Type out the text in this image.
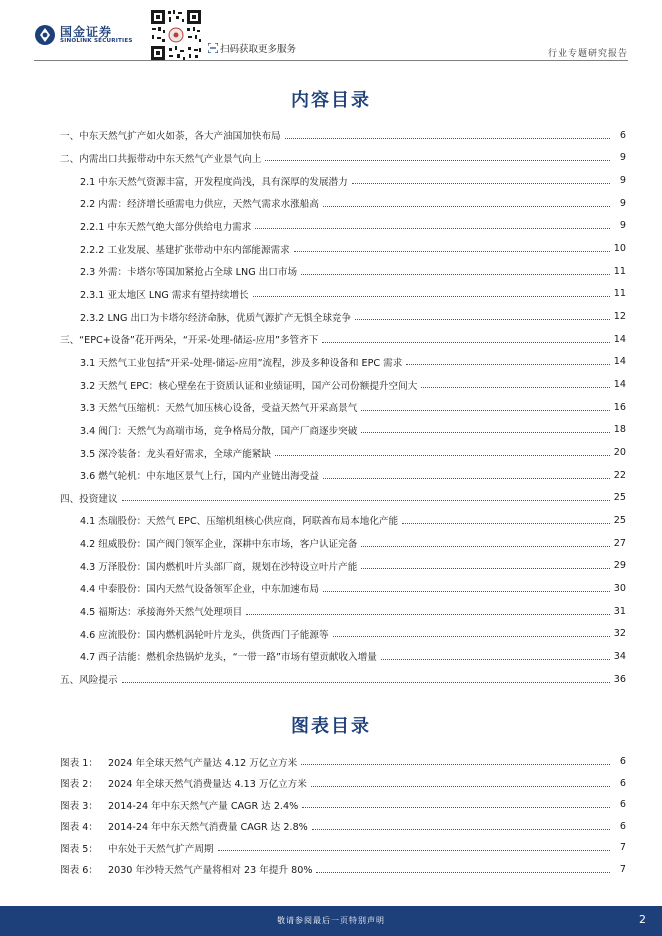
国金证券
SINOLINK SECURITIES
扫码获取更多服务	行业专题研究报告
内容目录
一、中东天然气扩产如火如荼，各大产油国加快布局	6
二、内需出口共振带动中东天然气产业景气向上	9
2.1 中东天然气资源丰富，开发程度尚浅，具有深厚的发展潜力	9
2.2 内需：经济增长亟需电力供应，天然气需求水涨船高	9
2.2.1 中东天然气绝大部分供给电力需求	9
2.2.2 工业发展、基建扩张带动中东内部能源需求	10
2.3 外需：卡塔尔等国加紧抢占全球 LNG 出口市场	11
2.3.1 亚太地区 LNG 需求有望持续增长	11
2.3.2 LNG 出口为卡塔尔经济命脉，优质气源扩产无惧全球竞争	12
三、“EPC+设备”花开两朵，“开采-处理-储运-应用”多管齐下	14
3.1 天然气工业包括“开采-处理-储运-应用”流程，涉及多种设备和 EPC 需求	14
3.2 天然气 EPC：核心壁垒在于资质认证和业绩证明，国产公司份额提升空间大	14
3.3 天然气压缩机：天然气加压核心设备，受益天然气开采高景气	16
3.4 阀门：天然气为高端市场，竞争格局分散，国产厂商逐步突破	18
3.5 深冷装备：龙头看好需求，全球产能紧缺	20
3.6 燃气轮机：中东地区景气上行，国内产业链出海受益	22
四、投资建议	25
4.1 杰瑞股份：天然气 EPC、压缩机组核心供应商，阿联酋布局本地化产能	25
4.2 纽威股份：国产阀门领军企业，深耕中东市场，客户认证完备	27
4.3 万泽股份：国内燃机叶片头部厂商，规划在沙特设立叶片产能	29
4.4 中泰股份：国内天然气设备领军企业，中东加速布局	30
4.5 福斯达：承接海外天然气处理项目	31
4.6 应流股份：国内燃机涡轮叶片龙头，供货西门子能源等	32
4.7 西子洁能：燃机余热锅炉龙头，“一带一路”市场有望贡献收入增量	34
五、风险提示	36
图表目录
图表 1：	2024 年全球天然气产量达 4.12 万亿立方米	6
图表 2：	2024 年全球天然气消费量达 4.13 万亿立方米	6
图表 3：	2014-24 年中东天然气产量 CAGR 达 2.4%	6
图表 4：	2014-24 年中东天然气消费量 CAGR 达 2.8%	6
图表 5：	中东处于天然气扩产周期	7
图表 6：	2030 年沙特天然气产量将相对 23 年提升 80%	7
敬请参阅最后一页特别声明	2
